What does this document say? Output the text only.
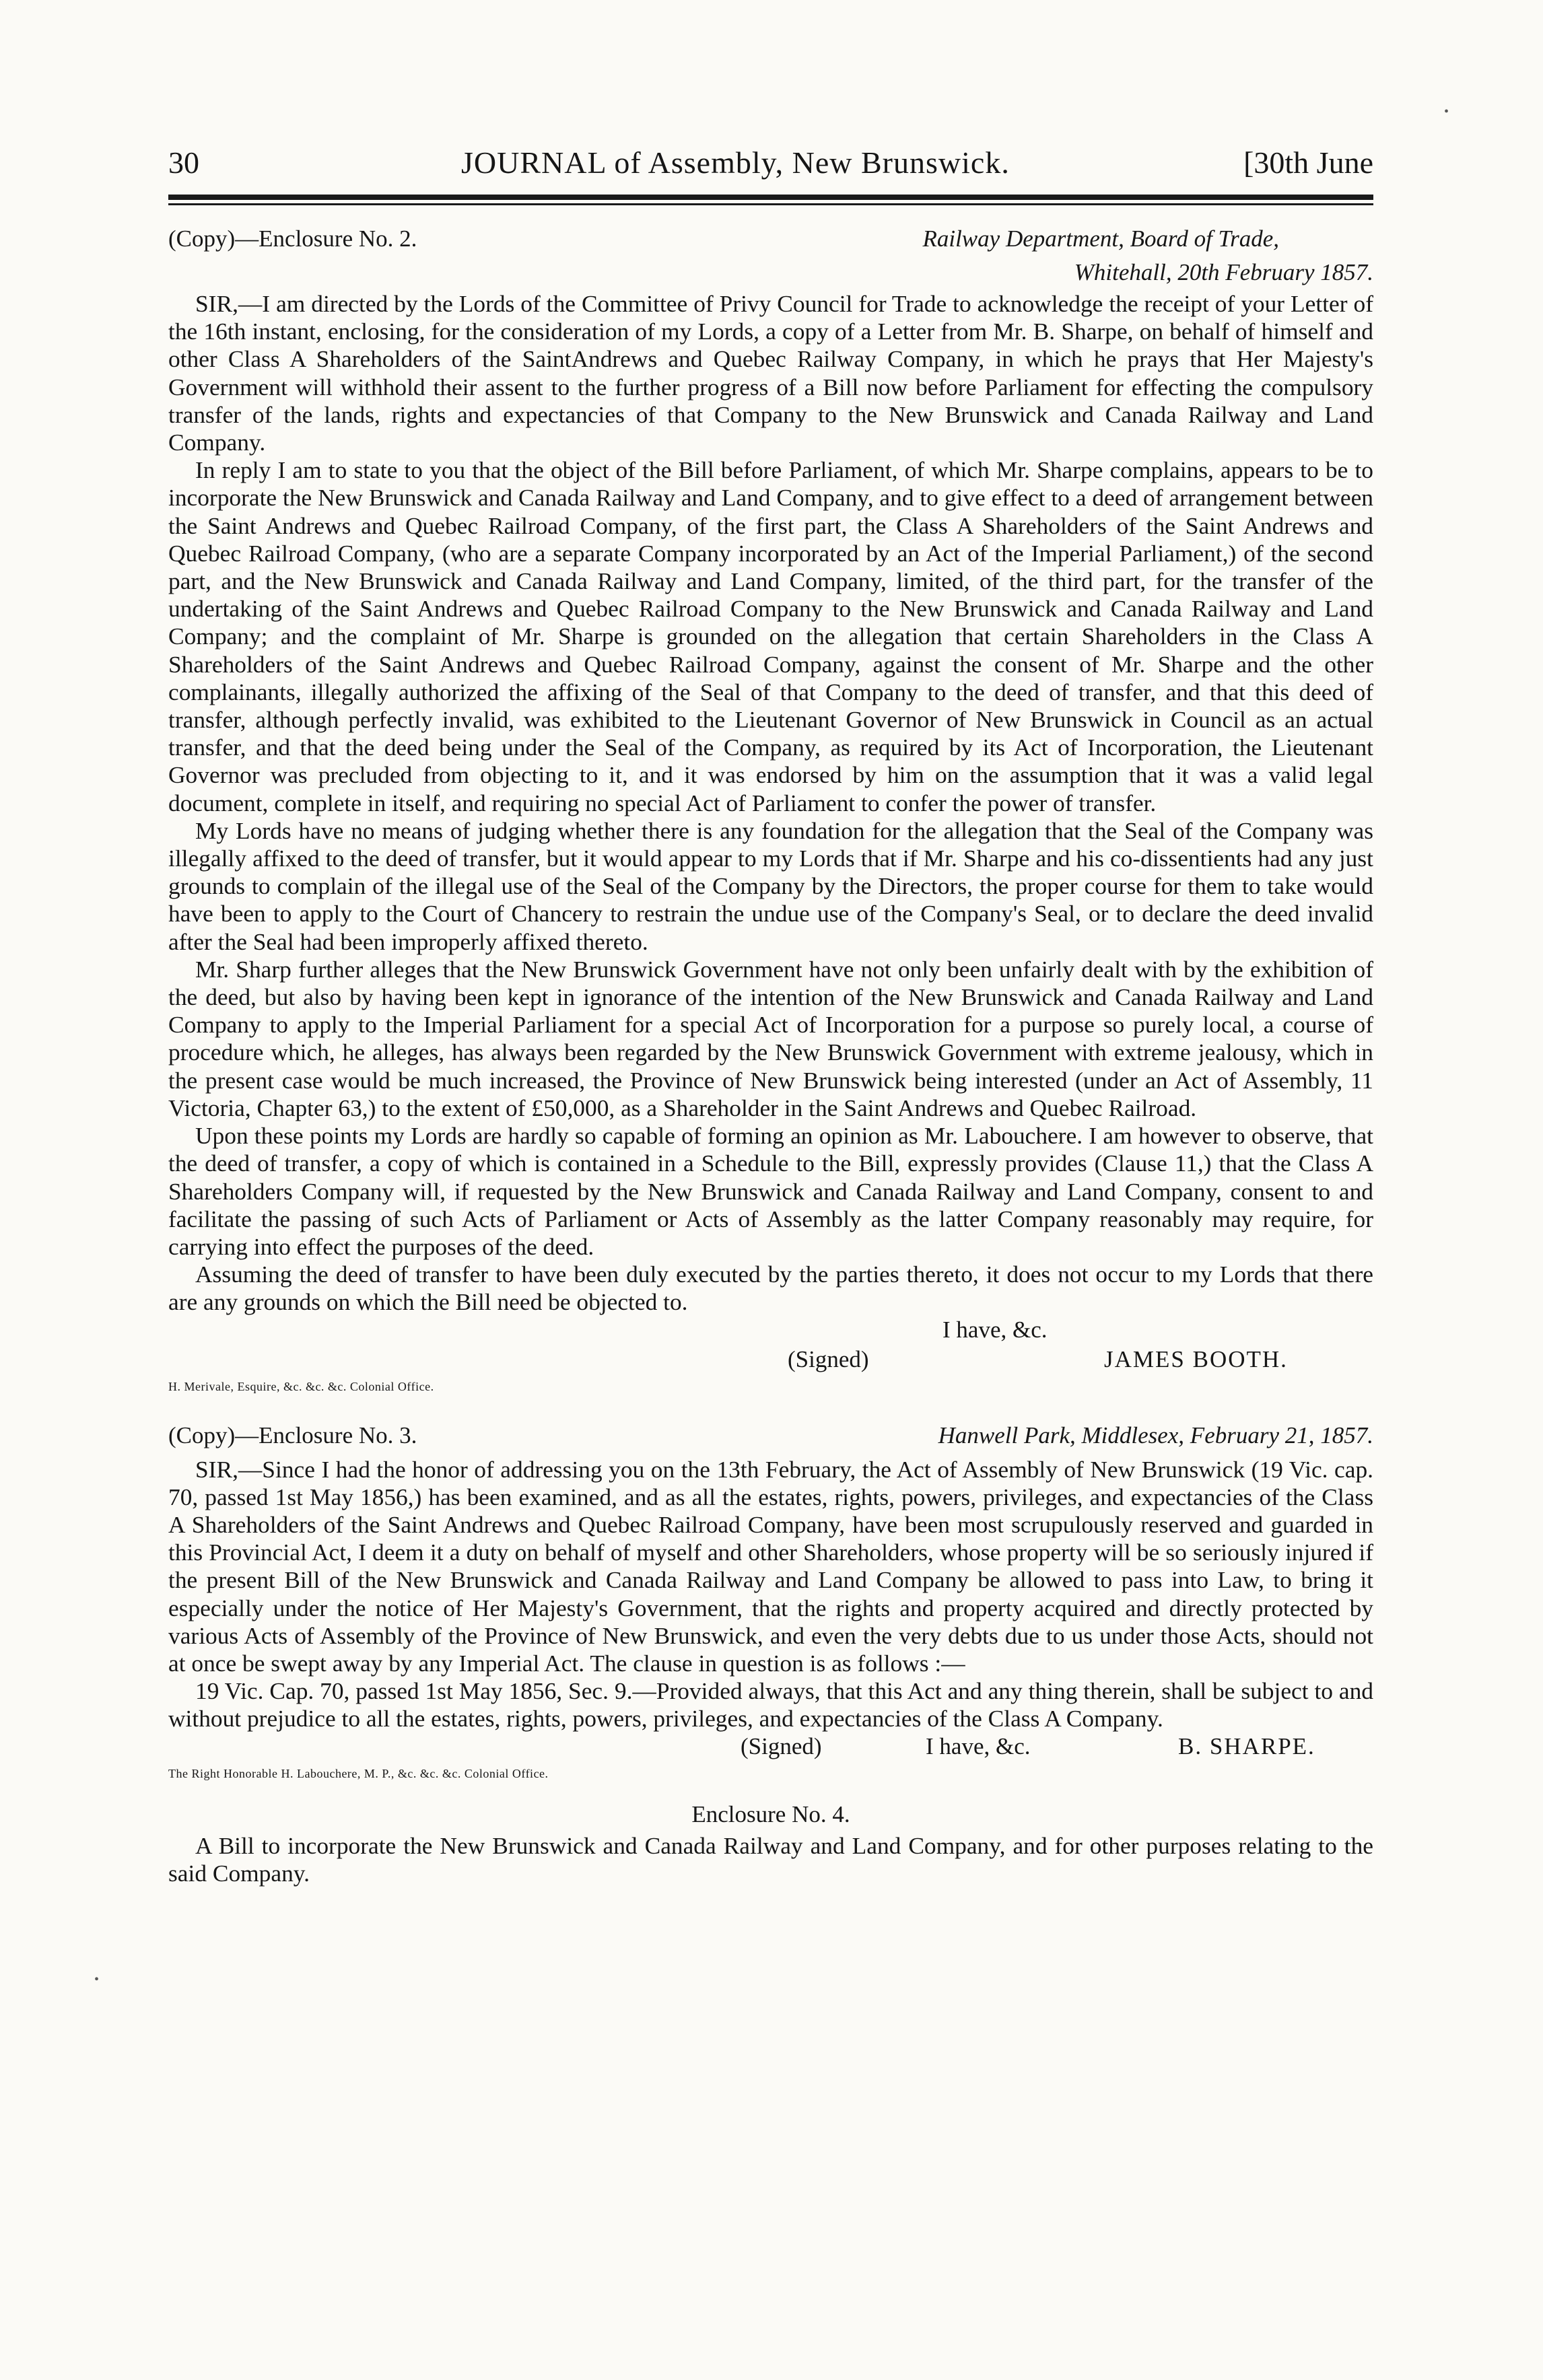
30	JOURNAL of Assembly, New Brunswick.	[30th June
(Copy)—Enclosure No. 2.	Railway Department, Board of Trade,
Whitehall, 20th February 1857.

SIR,—I am directed by the Lords of the Committee of Privy Council for Trade to acknowledge the receipt of your Letter of the 16th instant, enclosing, for the consideration of my Lords, a copy of a Letter from Mr. B. Sharpe, on behalf of himself and other Class A Shareholders of the SaintAndrews and Quebec Railway Company, in which he prays that Her Majesty's Government will withhold their assent to the further progress of a Bill now before Parliament for effecting the compulsory transfer of the lands, rights and expectancies of that Company to the New Brunswick and Canada Railway and Land Company.

In reply I am to state to you that the object of the Bill before Parliament, of which Mr. Sharpe complains, appears to be to incorporate the New Brunswick and Canada Railway and Land Company, and to give effect to a deed of arrangement between the Saint Andrews and Quebec Railroad Company, of the first part, the Class A Shareholders of the Saint Andrews and Quebec Railroad Company, (who are a separate Company incorporated by an Act of the Imperial Parliament,) of the second part, and the New Brunswick and Canada Railway and Land Company, limited, of the third part, for the transfer of the undertaking of the Saint Andrews and Quebec Railroad Company to the New Brunswick and Canada Railway and Land Company; and the complaint of Mr. Sharpe is grounded on the allegation that certain Shareholders in the Class A Shareholders of the Saint Andrews and Quebec Railroad Company, against the consent of Mr. Sharpe and the other complainants, illegally authorized the affixing of the Seal of that Company to the deed of transfer, and that this deed of transfer, although perfectly invalid, was exhibited to the Lieutenant Governor of New Brunswick in Council as an actual transfer, and that the deed being under the Seal of the Company, as required by its Act of Incorporation, the Lieutenant Governor was precluded from objecting to it, and it was endorsed by him on the assumption that it was a valid legal document, complete in itself, and requiring no special Act of Parliament to confer the power of transfer.

My Lords have no means of judging whether there is any foundation for the allegation that the Seal of the Company was illegally affixed to the deed of transfer, but it would appear to my Lords that if Mr. Sharpe and his co-dissentients had any just grounds to complain of the illegal use of the Seal of the Company by the Directors, the proper course for them to take would have been to apply to the Court of Chancery to restrain the undue use of the Company's Seal, or to declare the deed invalid after the Seal had been improperly affixed thereto.

Mr. Sharp further alleges that the New Brunswick Government have not only been unfairly dealt with by the exhibition of the deed, but also by having been kept in ignorance of the intention of the New Brunswick and Canada Railway and Land Company to apply to the Imperial Parliament for a special Act of Incorporation for a purpose so purely local, a course of procedure which, he alleges, has always been regarded by the New Brunswick Government with extreme jealousy, which in the present case would be much increased, the Province of New Brunswick being interested (under an Act of Assembly, 11 Victoria, Chapter 63,) to the extent of £50,000, as a Shareholder in the Saint Andrews and Quebec Railroad.

Upon these points my Lords are hardly so capable of forming an opinion as Mr. Labouchere. I am however to observe, that the deed of transfer, a copy of which is contained in a Schedule to the Bill, expressly provides (Clause 11,) that the Class A Shareholders Company will, if requested by the New Brunswick and Canada Railway and Land Company, consent to and facilitate the passing of such Acts of Parliament or Acts of Assembly as the latter Company reasonably may require, for carrying into effect the purposes of the deed.

Assuming the deed of transfer to have been duly executed by the parties thereto, it does not occur to my Lords that there are any grounds on which the Bill need be objected to.

I have, &c.
(Signed)	JAMES BOOTH.
H. Merivale, Esquire, &c. &c. &c. Colonial Office.
(Copy)—Enclosure No. 3.	Hanwell Park, Middlesex, February 21, 1857.

SIR,—Since I had the honor of addressing you on the 13th February, the Act of Assembly of New Brunswick (19 Vic. cap. 70, passed 1st May 1856,) has been examined, and as all the estates, rights, powers, privileges, and expectancies of the Class A Shareholders of the Saint Andrews and Quebec Railroad Company, have been most scrupulously reserved and guarded in this Provincial Act, I deem it a duty on behalf of myself and other Shareholders, whose property will be so seriously injured if the present Bill of the New Brunswick and Canada Railway and Land Company be allowed to pass into Law, to bring it especially under the notice of Her Majesty's Government, that the rights and property acquired and directly protected by various Acts of Assembly of the Province of New Brunswick, and even the very debts due to us under those Acts, should not at once be swept away by any Imperial Act. The clause in question is as follows :—

19 Vic. Cap. 70, passed 1st May 1856, Sec. 9.—Provided always, that this Act and any thing therein, shall be subject to and without prejudice to all the estates, rights, powers, privileges, and expectancies of the Class A Company.

(Signed)	I have, &c.	B. SHARPE.
The Right Honorable H. Labouchere, M. P., &c. &c. &c. Colonial Office.
Enclosure No. 4.

A Bill to incorporate the New Brunswick and Canada Railway and Land Company, and for other purposes relating to the said Company.

•
•
